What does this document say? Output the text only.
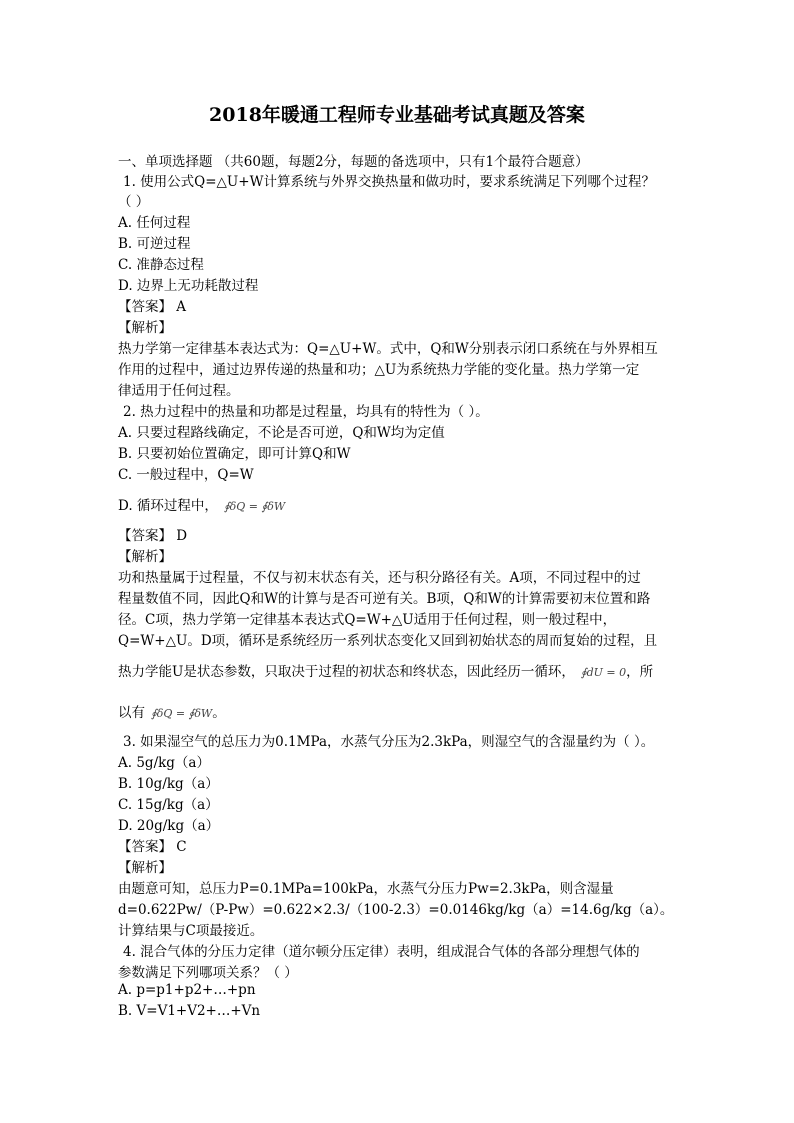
2018年暖通工程师专业基础考试真题及答案
一、单项选择题 （共60题，每题2分，每题的备选项中，只有1个最符合题意）
1. 使用公式Q=△U+W计算系统与外界交换热量和做功时，要求系统满足下列哪个过程？
（ ）
A. 任何过程
B. 可逆过程
C. 准静态过程
D. 边界上无功耗散过程
【答案】 A
【解析】
热力学第一定律基本表达式为：Q=△U+W。式中，Q和W分别表示闭口系统在与外界相互
作用的过程中，通过边界传递的热量和功；△U为系统热力学能的变化量。热力学第一定
律适用于任何过程。
2. 热力过程中的热量和功都是过程量，均具有的特性为（ ）。
A. 只要过程路线确定，不论是否可逆，Q和W均为定值
B. 只要初始位置确定，即可计算Q和W
C. 一般过程中，Q=W
D. 循环过程中， ∮δQ = ∮δW
【答案】 D
【解析】
功和热量属于过程量，不仅与初末状态有关，还与积分路径有关。A项，不同过程中的过
程量数值不同，因此Q和W的计算与是否可逆有关。B项，Q和W的计算需要初末位置和路
径。C项，热力学第一定律基本表达式Q=W+△U适用于任何过程，则一般过程中，
Q=W+△U。D项，循环是系统经历一系列状态变化又回到初始状态的周而复始的过程，且
热力学能U是状态参数，只取决于过程的初状态和终状态，因此经历一循环， ∮dU = 0，所
以有 ∮δQ = ∮δW。
3. 如果湿空气的总压力为0.1MPa，水蒸气分压为2.3kPa，则湿空气的含湿量约为（ ）。
A. 5g/kg（a）
B. 10g/kg（a）
C. 15g/kg（a）
D. 20g/kg（a）
【答案】 C
【解析】
由题意可知，总压力P=0.1MPa=100kPa，水蒸气分压力Pw=2.3kPa，则含湿量
d=0.622Pw/（P-Pw）=0.622×2.3/（100-2.3）=0.0146kg/kg（a）=14.6g/kg（a）。
计算结果与C项最接近。
4. 混合气体的分压力定律（道尔顿分压定律）表明，组成混合气体的各部分理想气体的
参数满足下列哪项关系？（ ）
A. p=p1+p2+…+pn
B. V=V1+V2+…+Vn
